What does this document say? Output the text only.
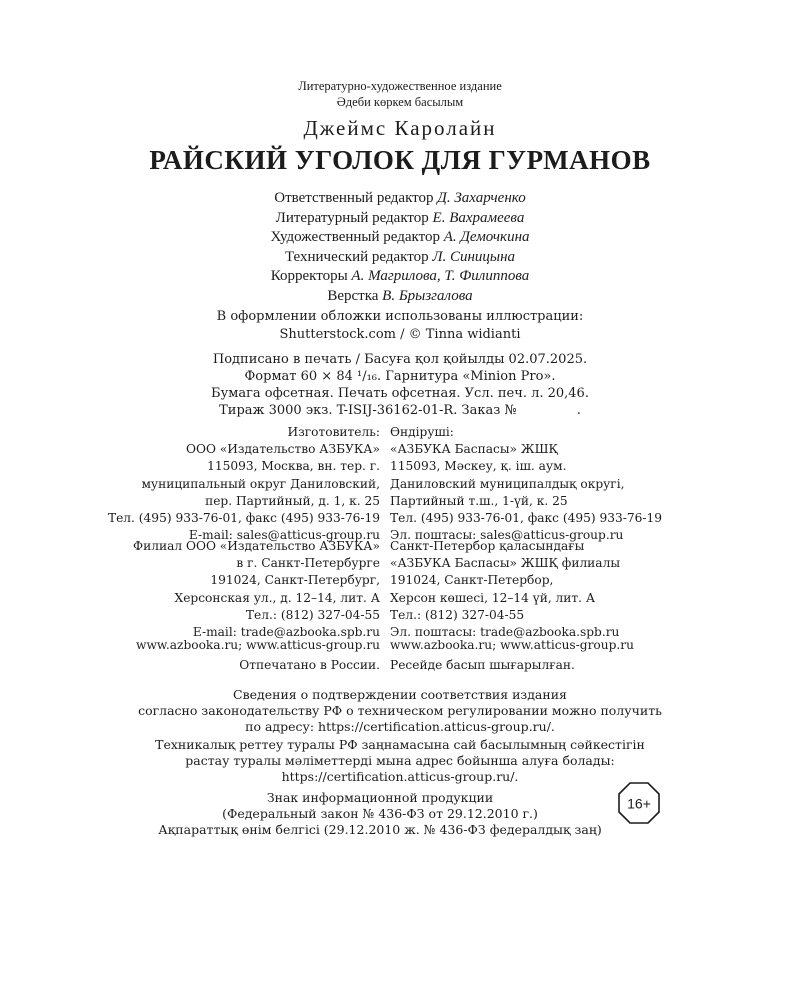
Литературно-художественное издание
Әдеби көркем басылым
Джеймс Каролайн
РАЙСКИЙ УГОЛОК ДЛЯ ГУРМАНОВ
Ответственный редактор Д. Захарченко
Литературный редактор Е. Вахрамеева
Художественный редактор А. Демочкина
Технический редактор Л. Синицына
Корректоры А. Магрилова, Т. Филиппова
Верстка В. Брызгалова
В оформлении обложки использованы иллюстрации:
Shutterstock.com / © Tinna widianti
Подписано в печать / Басуға қол қойылды 02.07.2025.
Формат 60 × 84 ¹/₁₆. Гарнитура «Minion Pro».
Бумага офсетная. Печать офсетная. Усл. печ. л. 20,46.
Тираж 3000 экз. T-ISIJ-36162-01-R. Заказ №	.
Изготовитель:
ООО «Издательство АЗБУКА»
115093, Москва, вн. тер. г.
муниципальный округ Даниловский,
пер. Партийный, д. 1, к. 25
Тел. (495) 933-76-01, факс (495) 933-76-19
E-mail: sales@atticus-group.ru
Өндіруші:
«АЗБУКА Баспасы» ЖШҚ
115093, Мәскеу, қ. іш. аум.
Даниловский муниципалдық округі,
Партийный т.ш., 1-үй, к. 25
Тел. (495) 933-76-01, факс (495) 933-76-19
Эл. поштасы: sales@atticus-group.ru
Филиал ООО «Издательство АЗБУКА»
в г. Санкт-Петербурге
191024, Санкт-Петербург,
Херсонская ул., д. 12–14, лит. А
Тел.: (812) 327-04-55
E-mail: trade@azbooka.spb.ru
Санкт-Петербор қаласындағы
«АЗБУКА Баспасы» ЖШҚ филиалы
191024, Санкт-Петербор,
Херсон көшесі, 12–14 үй, лит. А
Тел.: (812) 327-04-55
Эл. поштасы: trade@azbooka.spb.ru
www.azbooka.ru; www.atticus-group.ru www.azbooka.ru; www.atticus-group.ru
Отпечатано в России. Ресейде басып шығарылған.
Сведения о подтверждении соответствия издания
согласно законодательству РФ о техническом регулировании можно получить
по адресу: https://certification.atticus-group.ru/.
Техникалық реттеу туралы РФ заңнамасына сай басылымның сәйкестігін
растау туралы мәліметтерді мына адрес бойынша алуға болады:
https://certification.atticus-group.ru/.
Знак информационной продукции
(Федеральный закон № 436-ФЗ от 29.12.2010 г.)
Ақпараттық өнім белгісі (29.12.2010 ж. № 436-ФЗ федералдық заң)
16+
